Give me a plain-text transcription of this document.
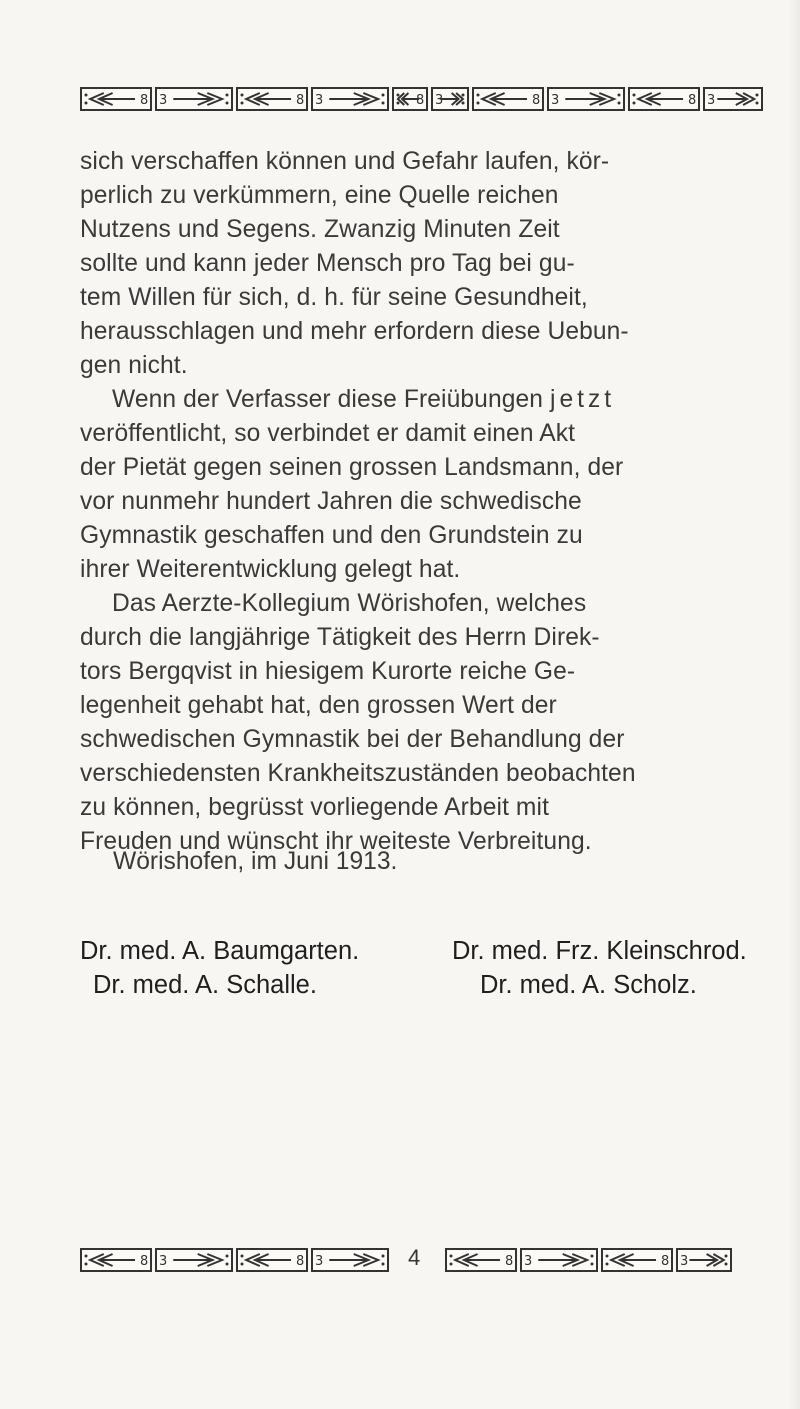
8 3	8 3	8 3	8 3	8 3

sich verschaffen können und Gefahr laufen, kör-
perlich zu verkümmern, eine Quelle reichen
Nutzens und Segens. Zwanzig Minuten Zeit
sollte und kann jeder Mensch pro Tag bei gu-
tem Willen für sich, d. h. für seine Gesundheit,
herausschlagen und mehr erfordern diese Uebun-
gen nicht.

Wenn der Verfasser diese Freiübungen jetzt
veröffentlicht, so verbindet er damit einen Akt
der Pietät gegen seinen grossen Landsmann, der
vor nunmehr hundert Jahren die schwedische
Gymnastik geschaffen und den Grundstein zu
ihrer Weiterentwicklung gelegt hat.

Das Aerzte-Kollegium Wörishofen, welches
durch die langjährige Tätigkeit des Herrn Direk-
tors Bergqvist in hiesigem Kurorte reiche Ge-
legenheit gehabt hat, den grossen Wert der
schwedischen Gymnastik bei der Behandlung der
verschiedensten Krankheitszuständen beobachten
zu können, begrüsst vorliegende Arbeit mit
Freuden und wünscht ihr weiteste Verbreitung.

Wörishofen, im Juni 1913.
Dr. med. A. Baumgarten.	Dr. med. Frz. Kleinschrod.
Dr. med. A. Schalle.	Dr. med. A. Scholz.
8 3	8 3	4	8 3	8 3
